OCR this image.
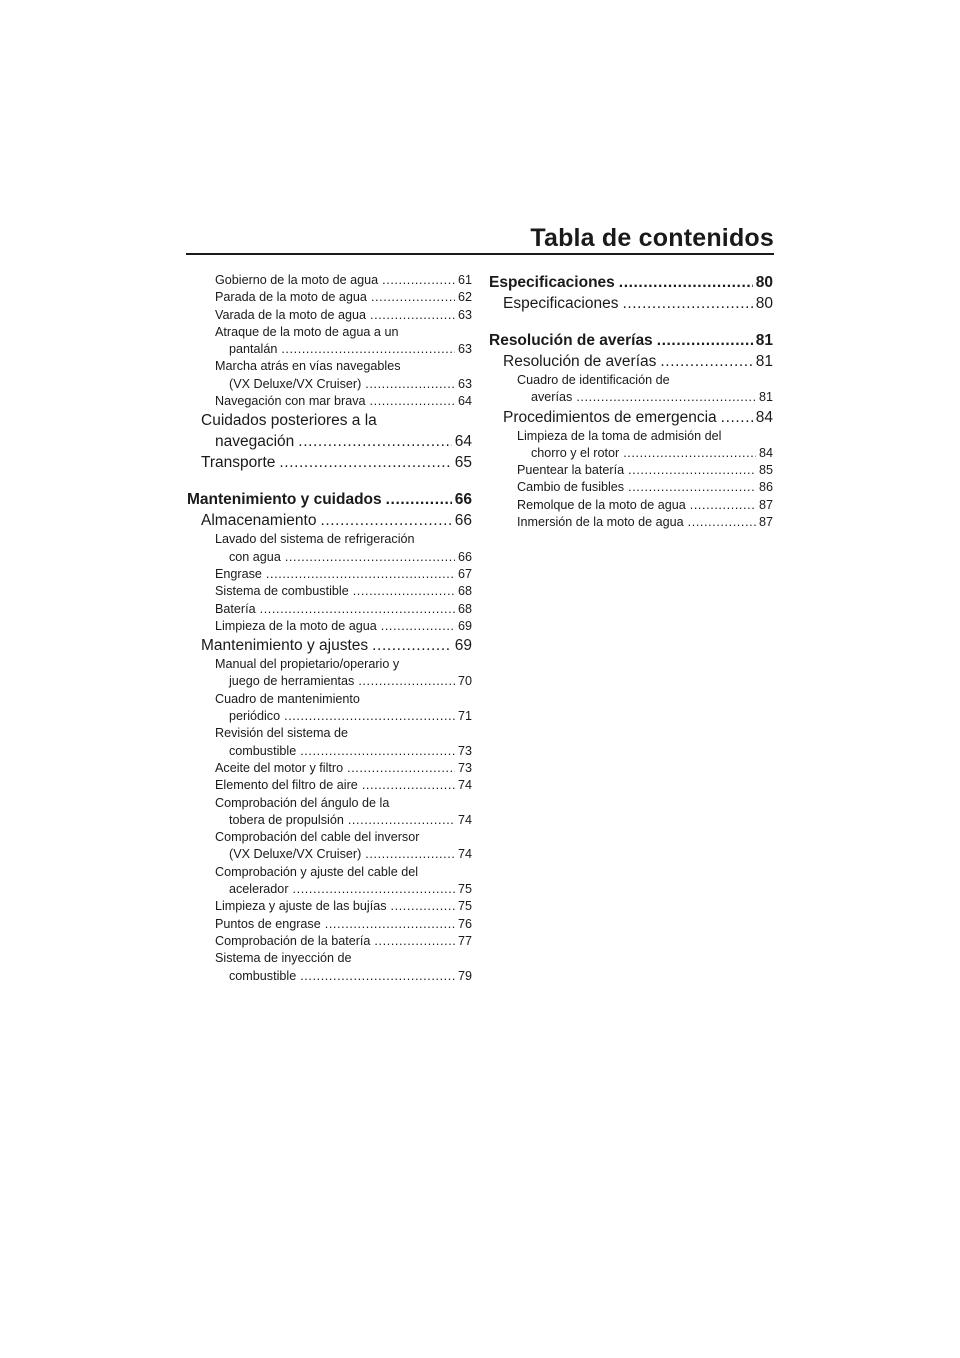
Tabla de contenidos
Gobierno de la moto de agua .....	61
Parada de la moto de agua .....	62
Varada de la moto de agua .....	63
Atraque de la moto de agua a un
pantalán .....	63
Marcha atrás en vías navegables
(VX Deluxe/VX Cruiser) .....	63
Navegación con mar brava .....	64
Cuidados posteriores a la
navegación .....	64
Transporte .....	65
Mantenimiento y cuidados .....	66
Almacenamiento .....	66
Lavado del sistema de refrigeración
con agua .....	66
Engrase .....	67
Sistema de combustible .....	68
Batería .....	68
Limpieza de la moto de agua .....	69
Mantenimiento y ajustes .....	69
Manual del propietario/operario y
juego de herramientas .....	70
Cuadro de mantenimiento
periódico .....	71
Revisión del sistema de
combustible .....	73
Aceite del motor y filtro .....	73
Elemento del filtro de aire .....	74
Comprobación del ángulo de la
tobera de propulsión .....	74
Comprobación del cable del inversor
(VX Deluxe/VX Cruiser) .....	74
Comprobación y ajuste del cable del
acelerador .....	75
Limpieza y ajuste de las bujías .....	75
Puntos de engrase .....	76
Comprobación de la batería .....	77
Sistema de inyección de
combustible .....	79
Especificaciones .....	80
Especificaciones .....	80
Resolución de averías .....	81
Resolución de averías .....	81
Cuadro de identificación de
averías .....	81
Procedimientos de emergencia .....	84
Limpieza de la toma de admisión del
chorro y el rotor .....	84
Puentear la batería .....	85
Cambio de fusibles .....	86
Remolque de la moto de agua .....	87
Inmersión de la moto de agua .....	87
